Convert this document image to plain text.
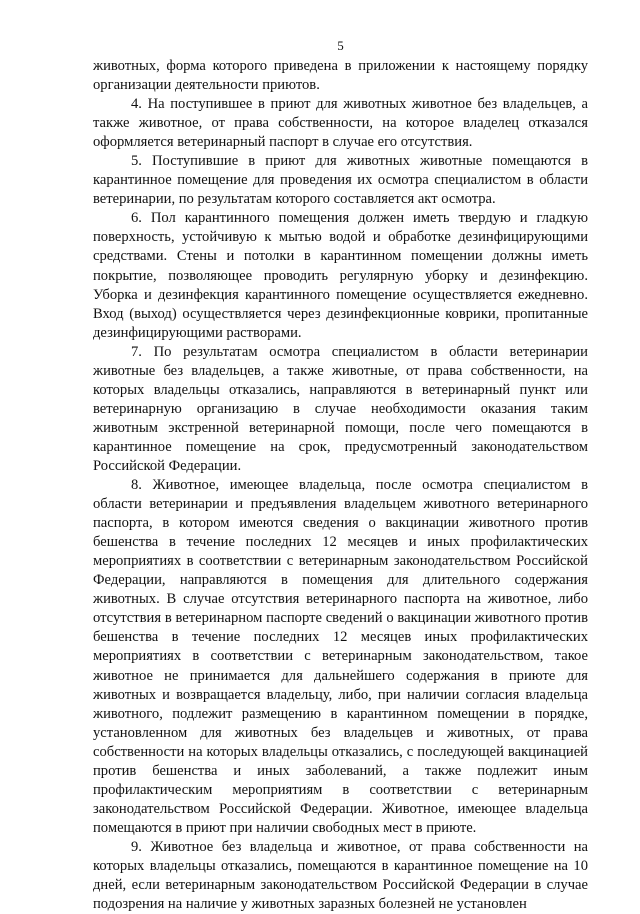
5

животных, форма которого приведена в приложении к настоящему порядку организации деятельности приютов.

4. На поступившее в приют для животных животное без владельцев, а также животное, от права собственности, на которое владелец отказался оформляется ветеринарный паспорт в случае его отсутствия.

5. Поступившие в приют для животных животные помещаются в карантинное помещение для проведения их осмотра специалистом в области ветеринарии, по результатам которого составляется акт осмотра.

6. Пол карантинного помещения должен иметь твердую и гладкую поверхность, устойчивую к мытью водой и обработке дезинфицирующими средствами. Стены и потолки в карантинном помещении должны иметь покрытие, позволяющее проводить регулярную уборку и дезинфекцию. Уборка и дезинфекция карантинного помещение осуществляется ежедневно. Вход (выход) осуществляется через дезинфекционные коврики, пропитанные дезинфицирующими растворами.

7. По результатам осмотра специалистом в области ветеринарии животные без владельцев, а также животные, от права собственности, на которых владельцы отказались, направляются в ветеринарный пункт или ветеринарную организацию в случае необходимости оказания таким животным экстренной ветеринарной помощи, после чего помещаются в карантинное помещение на срок, предусмотренный законодательством Российской Федерации.

8. Животное, имеющее владельца, после осмотра специалистом в области ветеринарии и предъявления владельцем животного ветеринарного паспорта, в котором имеются сведения о вакцинации животного против бешенства в течение последних 12 месяцев и иных профилактических мероприятиях в соответствии с ветеринарным законодательством Российской Федерации, направляются в помещения для длительного содержания животных. В случае отсутствия ветеринарного паспорта на животное, либо отсутствия в ветеринарном паспорте сведений о вакцинации животного против бешенства в течение последних 12 месяцев иных профилактических мероприятиях в соответствии с ветеринарным законодательством, такое животное не принимается для дальнейшего содержания в приюте для животных и возвращается владельцу, либо, при наличии согласия владельца животного, подлежит размещению в карантинном помещении в порядке, установленном для животных без владельцев и животных, от права собственности на которых владельцы отказались, с последующей вакцинацией против бешенства и иных заболеваний, а также подлежит иным профилактическим мероприятиям в соответствии с ветеринарным законодательством Российской Федерации. Животное, имеющее владельца помещаются в приют при наличии свободных мест в приюте.

9. Животное без владельца и животное, от права собственности на которых владельцы отказались, помещаются в карантинное помещение на 10 дней, если ветеринарным законодательством Российской Федерации в случае подозрения на наличие у животных заразных болезней не установлен
